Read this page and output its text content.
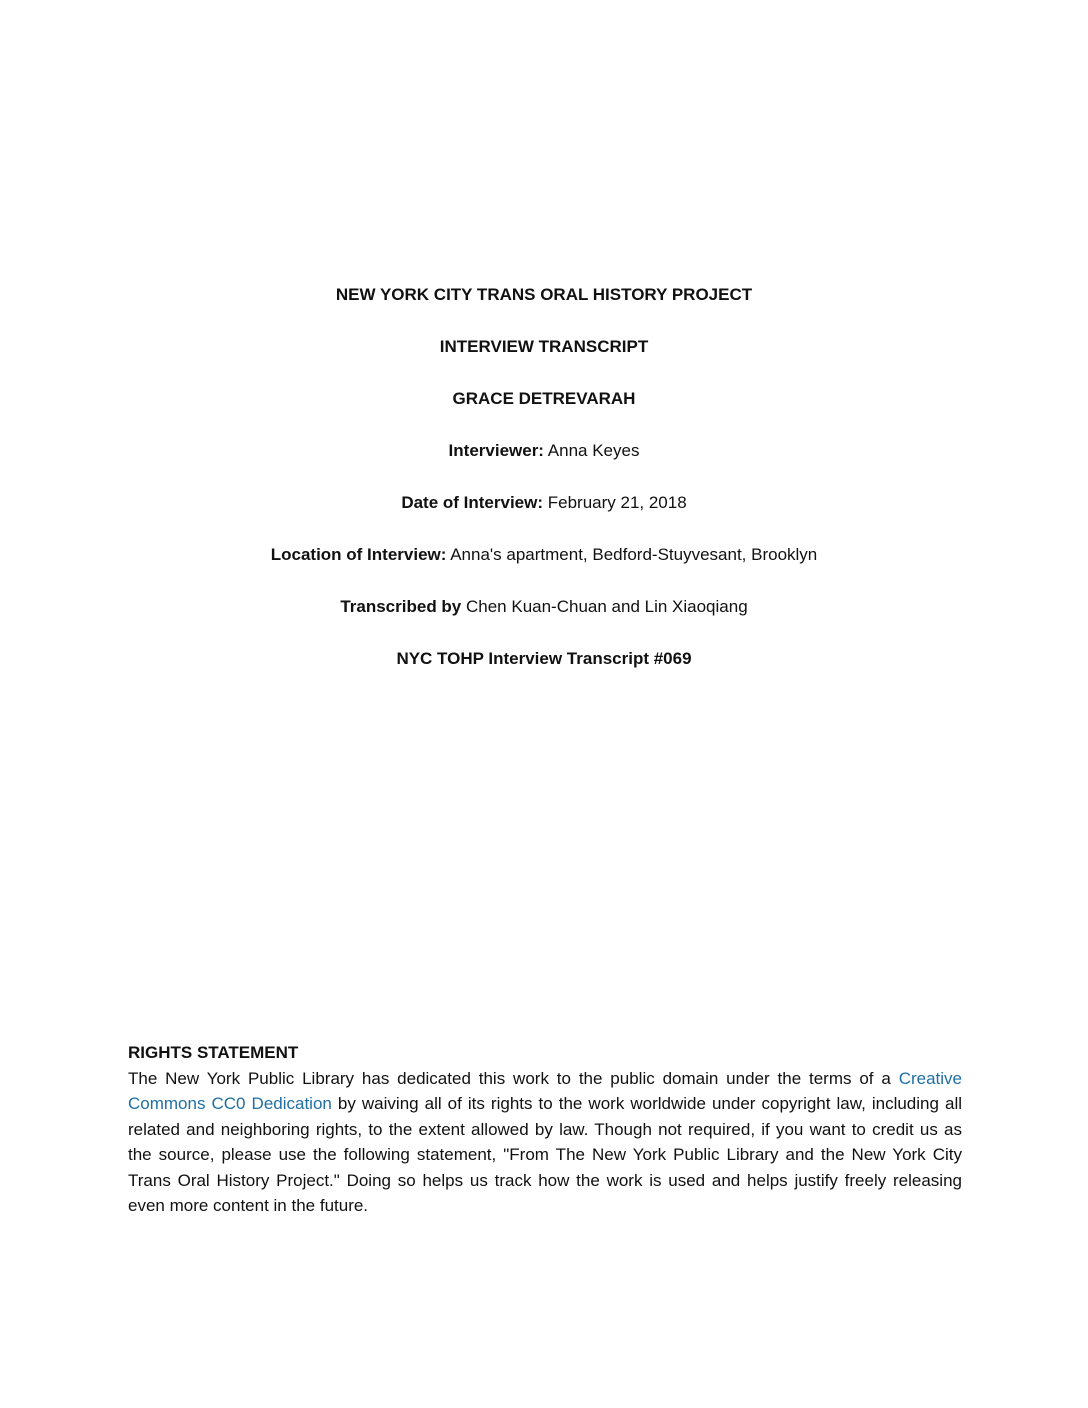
NEW YORK CITY TRANS ORAL HISTORY PROJECT
INTERVIEW TRANSCRIPT
GRACE DETREVARAH
Interviewer: Anna Keyes
Date of Interview: February 21, 2018
Location of Interview: Anna's apartment, Bedford-Stuyvesant, Brooklyn
Transcribed by Chen Kuan-Chuan and Lin Xiaoqiang
NYC TOHP Interview Transcript #069

RIGHTS STATEMENT

The New York Public Library has dedicated this work to the public domain under the terms of a Creative Commons CC0 Dedication by waiving all of its rights to the work worldwide under copyright law, including all related and neighboring rights, to the extent allowed by law. Though not required, if you want to credit us as the source, please use the following statement, "From The New York Public Library and the New York City Trans Oral History Project." Doing so helps us track how the work is used and helps justify freely releasing even more content in the future.
